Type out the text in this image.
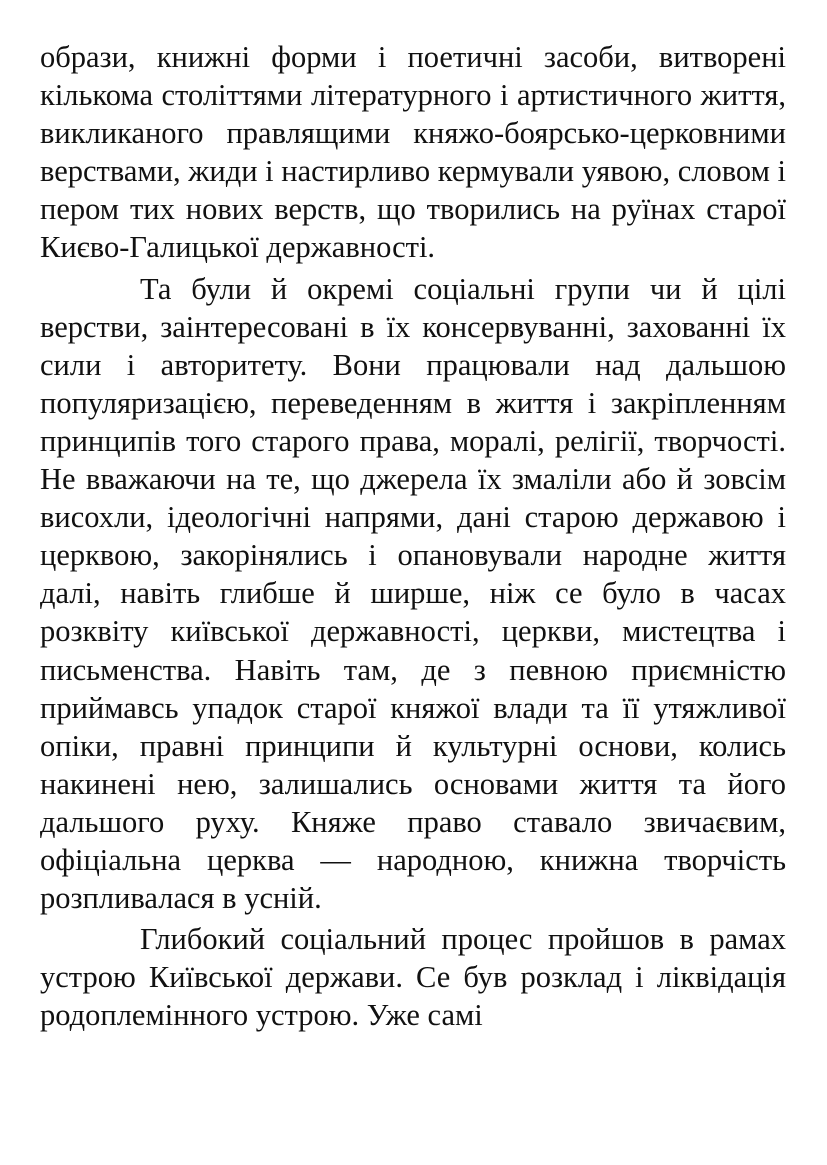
образи, книжні форми і поетичні засоби, витворені кількома століттями літературного і артистичного життя, викликаного правлящими княжо-боярсько-церковними верствами, жиди і настирливо кермували уявою, словом і пером тих нових верств, що творились на руїнах старої Києво-Галицької державності.

Та були й окремі соціальні групи чи й цілі верстви, заінтересовані в їх консервуванні, захованні їх сили і авторитету. Вони працювали над дальшою популяризацією, переведенням в життя і закріпленням принципів того старого права, моралі, релігії, творчості. Не вважаючи на те, що джерела їх змаліли або й зовсім висохли, ідеологічні напрями, дані старою державою і церквою, закорінялись і опановували народне життя далі, навіть глибше й ширше, ніж се було в часах розквіту київської державності, церкви, мистецтва і письменства. Навіть там, де з певною приємністю приймавсь упадок старої княжої влади та її утяжливої опіки, правні принципи й культурні основи, колись накинені нею, залишались основами життя та його дальшого руху. Княже право ставало звичаєвим, офіціальна церква — народною, книжна творчість розпливалася в усній.

Глибокий соціальний процес пройшов в рамах устрою Київської держави. Се був розклад і ліквідація родоплемінного устрою. Уже самі
